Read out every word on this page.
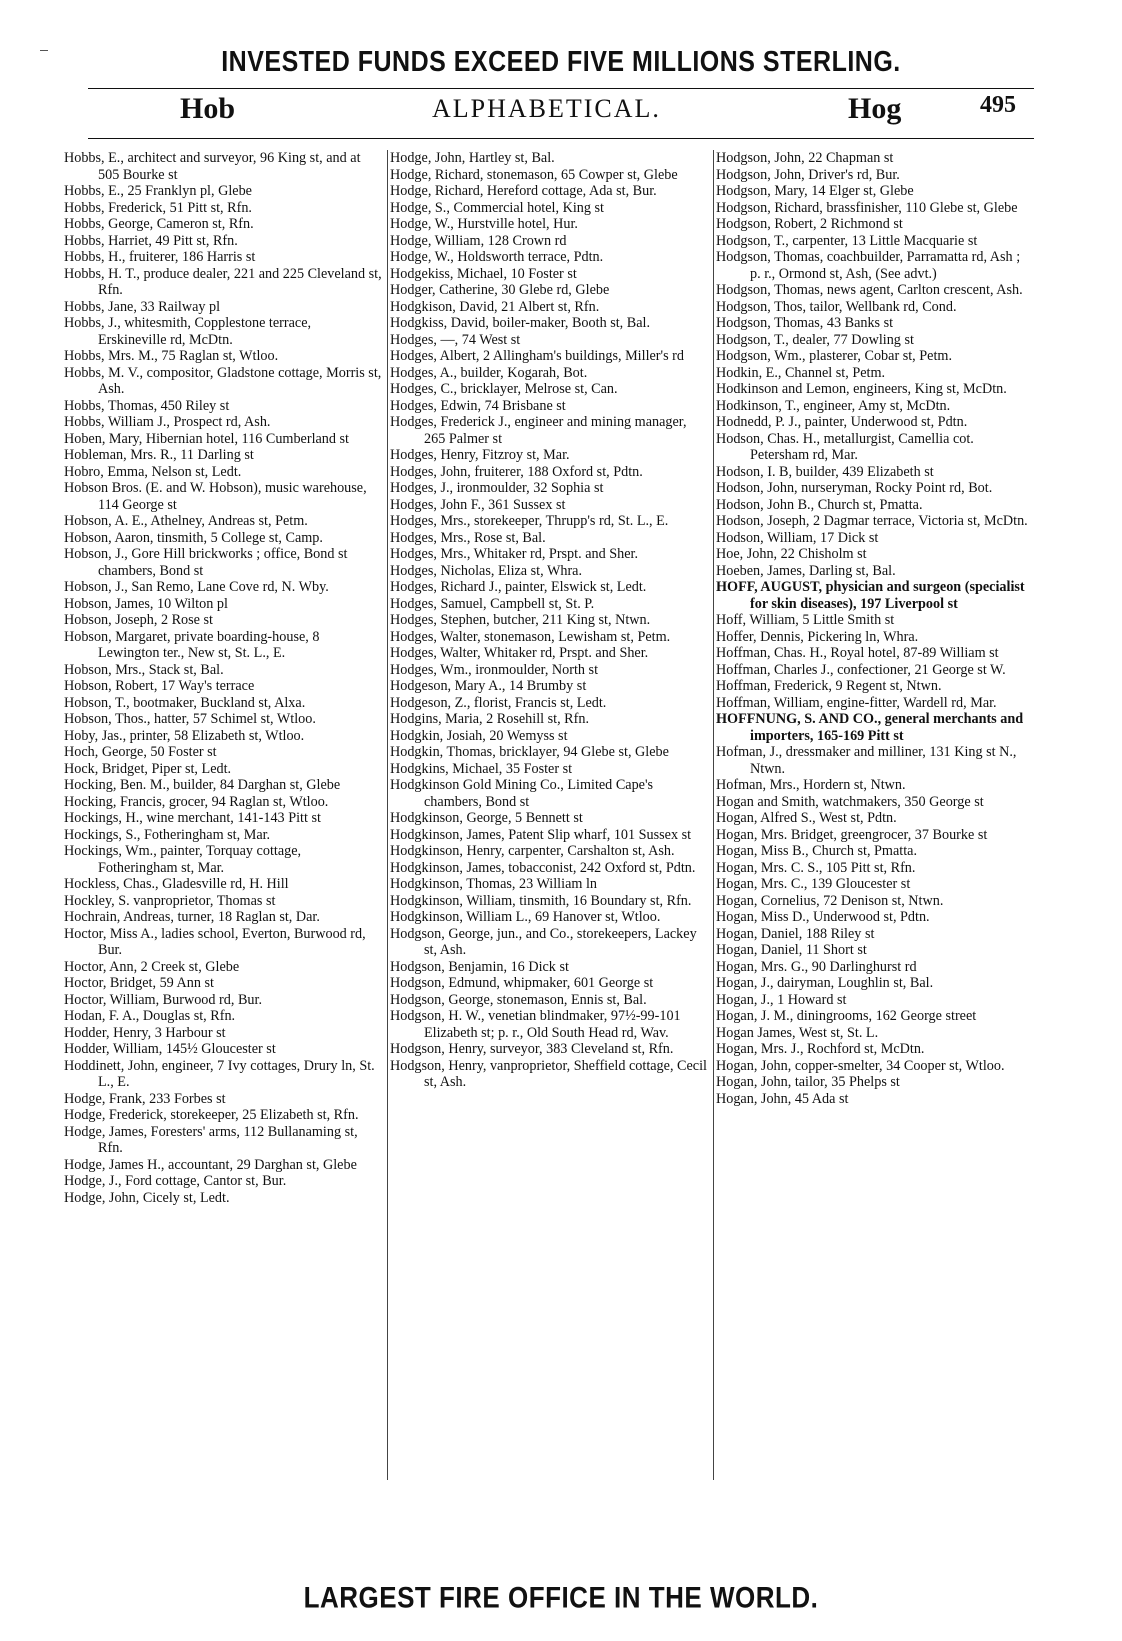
INVESTED FUNDS EXCEED FIVE MILLIONS STERLING.
Hob	ALPHABETICAL.	Hog	495

Hobbs, E., architect and surveyor, 96 King st, and at 505 Bourke st

Hobbs, E., 25 Franklyn pl, Glebe

Hobbs, Frederick, 51 Pitt st, Rfn.

Hobbs, George, Cameron st, Rfn.

Hobbs, Harriet, 49 Pitt st, Rfn.

Hobbs, H., fruiterer, 186 Harris st

Hobbs, H. T., produce dealer, 221 and 225 Cleveland st, Rfn.

Hobbs, Jane, 33 Railway pl

Hobbs, J., whitesmith, Copplestone terrace, Erskineville rd, McDtn.

Hobbs, Mrs. M., 75 Raglan st, Wtloo.

Hobbs, M. V., compositor, Gladstone cottage, Morris st, Ash.

Hobbs, Thomas, 450 Riley st

Hobbs, William J., Prospect rd, Ash.

Hoben, Mary, Hibernian hotel, 116 Cumberland st

Hobleman, Mrs. R., 11 Darling st

Hobro, Emma, Nelson st, Ledt.

Hobson Bros. (E. and W. Hobson), music warehouse, 114 George st

Hobson, A. E., Athelney, Andreas st, Petm.

Hobson, Aaron, tinsmith, 5 College st, Camp.

Hobson, J., Gore Hill brickworks ; office, Bond st chambers, Bond st

Hobson, J., San Remo, Lane Cove rd, N. Wby.

Hobson, James, 10 Wilton pl

Hobson, Joseph, 2 Rose st

Hobson, Margaret, private boarding-house, 8 Lewington ter., New st, St. L., E.

Hobson, Mrs., Stack st, Bal.

Hobson, Robert, 17 Way's terrace

Hobson, T., bootmaker, Buckland st, Alxa.

Hobson, Thos., hatter, 57 Schimel st, Wtloo.

Hoby, Jas., printer, 58 Elizabeth st, Wtloo.

Hoch, George, 50 Foster st

Hock, Bridget, Piper st, Ledt.

Hocking, Ben. M., builder, 84 Darghan st, Glebe

Hocking, Francis, grocer, 94 Raglan st, Wtloo.

Hockings, H., wine merchant, 141-143 Pitt st

Hockings, S., Fotheringham st, Mar.

Hockings, Wm., painter, Torquay cottage, Fotheringham st, Mar.

Hockless, Chas., Gladesville rd, H. Hill

Hockley, S. vanproprietor, Thomas st

Hochrain, Andreas, turner, 18 Raglan st, Dar.

Hoctor, Miss A., ladies school, Everton, Burwood rd, Bur.

Hoctor, Ann, 2 Creek st, Glebe

Hoctor, Bridget, 59 Ann st

Hoctor, William, Burwood rd, Bur.

Hodan, F. A., Douglas st, Rfn.

Hodder, Henry, 3 Harbour st

Hodder, William, 145½ Gloucester st

Hoddinett, John, engineer, 7 Ivy cottages, Drury ln, St. L., E.

Hodge, Frank, 233 Forbes st

Hodge, Frederick, storekeeper, 25 Elizabeth st, Rfn.

Hodge, James, Foresters' arms, 112 Bullanaming st, Rfn.

Hodge, James H., accountant, 29 Darghan st, Glebe

Hodge, J., Ford cottage, Cantor st, Bur.

Hodge, John, Cicely st, Ledt.

Hodge, John, Hartley st, Bal.

Hodge, Richard, stonemason, 65 Cowper st, Glebe

Hodge, Richard, Hereford cottage, Ada st, Bur.

Hodge, S., Commercial hotel, King st

Hodge, W., Hurstville hotel, Hur.

Hodge, William, 128 Crown rd

Hodge, W., Holdsworth terrace, Pdtn.

Hodgekiss, Michael, 10 Foster st

Hodger, Catherine, 30 Glebe rd, Glebe

Hodgkison, David, 21 Albert st, Rfn.

Hodgkiss, David, boiler-maker, Booth st, Bal.

Hodges, —, 74 West st

Hodges, Albert, 2 Allingham's buildings, Miller's rd

Hodges, A., builder, Kogarah, Bot.

Hodges, C., bricklayer, Melrose st, Can.

Hodges, Edwin, 74 Brisbane st

Hodges, Frederick J., engineer and mining manager, 265 Palmer st

Hodges, Henry, Fitzroy st, Mar.

Hodges, John, fruiterer, 188 Oxford st, Pdtn.

Hodges, J., ironmoulder, 32 Sophia st

Hodges, John F., 361 Sussex st

Hodges, Mrs., storekeeper, Thrupp's rd, St. L., E.

Hodges, Mrs., Rose st, Bal.

Hodges, Mrs., Whitaker rd, Prspt. and Sher.

Hodges, Nicholas, Eliza st, Whra.

Hodges, Richard J., painter, Elswick st, Ledt.

Hodges, Samuel, Campbell st, St. P.

Hodges, Stephen, butcher, 211 King st, Ntwn.

Hodges, Walter, stonemason, Lewisham st, Petm.

Hodges, Walter, Whitaker rd, Prspt. and Sher.

Hodges, Wm., ironmoulder, North st

Hodgeson, Mary A., 14 Brumby st

Hodgeson, Z., florist, Francis st, Ledt.

Hodgins, Maria, 2 Rosehill st, Rfn.

Hodgkin, Josiah, 20 Wemyss st

Hodgkin, Thomas, bricklayer, 94 Glebe st, Glebe

Hodgkins, Michael, 35 Foster st

Hodgkinson Gold Mining Co., Limited Cape's chambers, Bond st

Hodgkinson, George, 5 Bennett st

Hodgkinson, James, Patent Slip wharf, 101 Sussex st

Hodgkinson, Henry, carpenter, Carshalton st, Ash.

Hodgkinson, James, tobacconist, 242 Oxford st, Pdtn.

Hodgkinson, Thomas, 23 William ln

Hodgkinson, William, tinsmith, 16 Boundary st, Rfn.

Hodgkinson, William L., 69 Hanover st, Wtloo.

Hodgson, George, jun., and Co., storekeepers, Lackey st, Ash.

Hodgson, Benjamin, 16 Dick st

Hodgson, Edmund, whipmaker, 601 George st

Hodgson, George, stonemason, Ennis st, Bal.

Hodgson, H. W., venetian blindmaker, 97½-99-101 Elizabeth st; p. r., Old South Head rd, Wav.

Hodgson, Henry, surveyor, 383 Cleveland st, Rfn.

Hodgson, Henry, vanproprietor, Sheffield cottage, Cecil st, Ash.

Hodgson, John, 22 Chapman st

Hodgson, John, Driver's rd, Bur.

Hodgson, Mary, 14 Elger st, Glebe

Hodgson, Richard, brassfinisher, 110 Glebe st, Glebe

Hodgson, Robert, 2 Richmond st

Hodgson, T., carpenter, 13 Little Macquarie st

Hodgson, Thomas, coachbuilder, Parramatta rd, Ash ; p. r., Ormond st, Ash, (See advt.)

Hodgson, Thomas, news agent, Carlton crescent, Ash.

Hodgson, Thos, tailor, Wellbank rd, Cond.

Hodgson, Thomas, 43 Banks st

Hodgson, T., dealer, 77 Dowling st

Hodgson, Wm., plasterer, Cobar st, Petm.

Hodkin, E., Channel st, Petm.

Hodkinson and Lemon, engineers, King st, McDtn.

Hodkinson, T., engineer, Amy st, McDtn.

Hodnedd, P. J., painter, Underwood st, Pdtn.

Hodson, Chas. H., metallurgist, Camellia cot. Petersham rd, Mar.

Hodson, I. B, builder, 439 Elizabeth st

Hodson, John, nurseryman, Rocky Point rd, Bot.

Hodson, John B., Church st, Pmatta.

Hodson, Joseph, 2 Dagmar terrace, Victoria st, McDtn.

Hodson, William, 17 Dick st

Hoe, John, 22 Chisholm st

Hoeben, James, Darling st, Bal.

HOFF, AUGUST, physician and surgeon (specialist for skin diseases), 197 Liverpool st

Hoff, William, 5 Little Smith st

Hoffer, Dennis, Pickering ln, Whra.

Hoffman, Chas. H., Royal hotel, 87-89 William st

Hoffman, Charles J., confectioner, 21 George st W.

Hoffman, Frederick, 9 Regent st, Ntwn.

Hoffman, William, engine-fitter, Wardell rd, Mar.

HOFFNUNG, S. AND CO., general merchants and importers, 165-169 Pitt st

Hofman, J., dressmaker and milliner, 131 King st N., Ntwn.

Hofman, Mrs., Hordern st, Ntwn.

Hogan and Smith, watchmakers, 350 George st

Hogan, Alfred S., West st, Pdtn.

Hogan, Mrs. Bridget, greengrocer, 37 Bourke st

Hogan, Miss B., Church st, Pmatta.

Hogan, Mrs. C. S., 105 Pitt st, Rfn.

Hogan, Mrs. C., 139 Gloucester st

Hogan, Cornelius, 72 Denison st, Ntwn.

Hogan, Miss D., Underwood st, Pdtn.

Hogan, Daniel, 188 Riley st

Hogan, Daniel, 11 Short st

Hogan, Mrs. G., 90 Darlinghurst rd

Hogan, J., dairyman, Loughlin st, Bal.

Hogan, J., 1 Howard st

Hogan, J. M., diningrooms, 162 George street

Hogan James, West st, St. L.

Hogan, Mrs. J., Rochford st, McDtn.

Hogan, John, copper-smelter, 34 Cooper st, Wtloo.

Hogan, John, tailor, 35 Phelps st

Hogan, John, 45 Ada st

LARGEST FIRE OFFICE IN THE WORLD.
